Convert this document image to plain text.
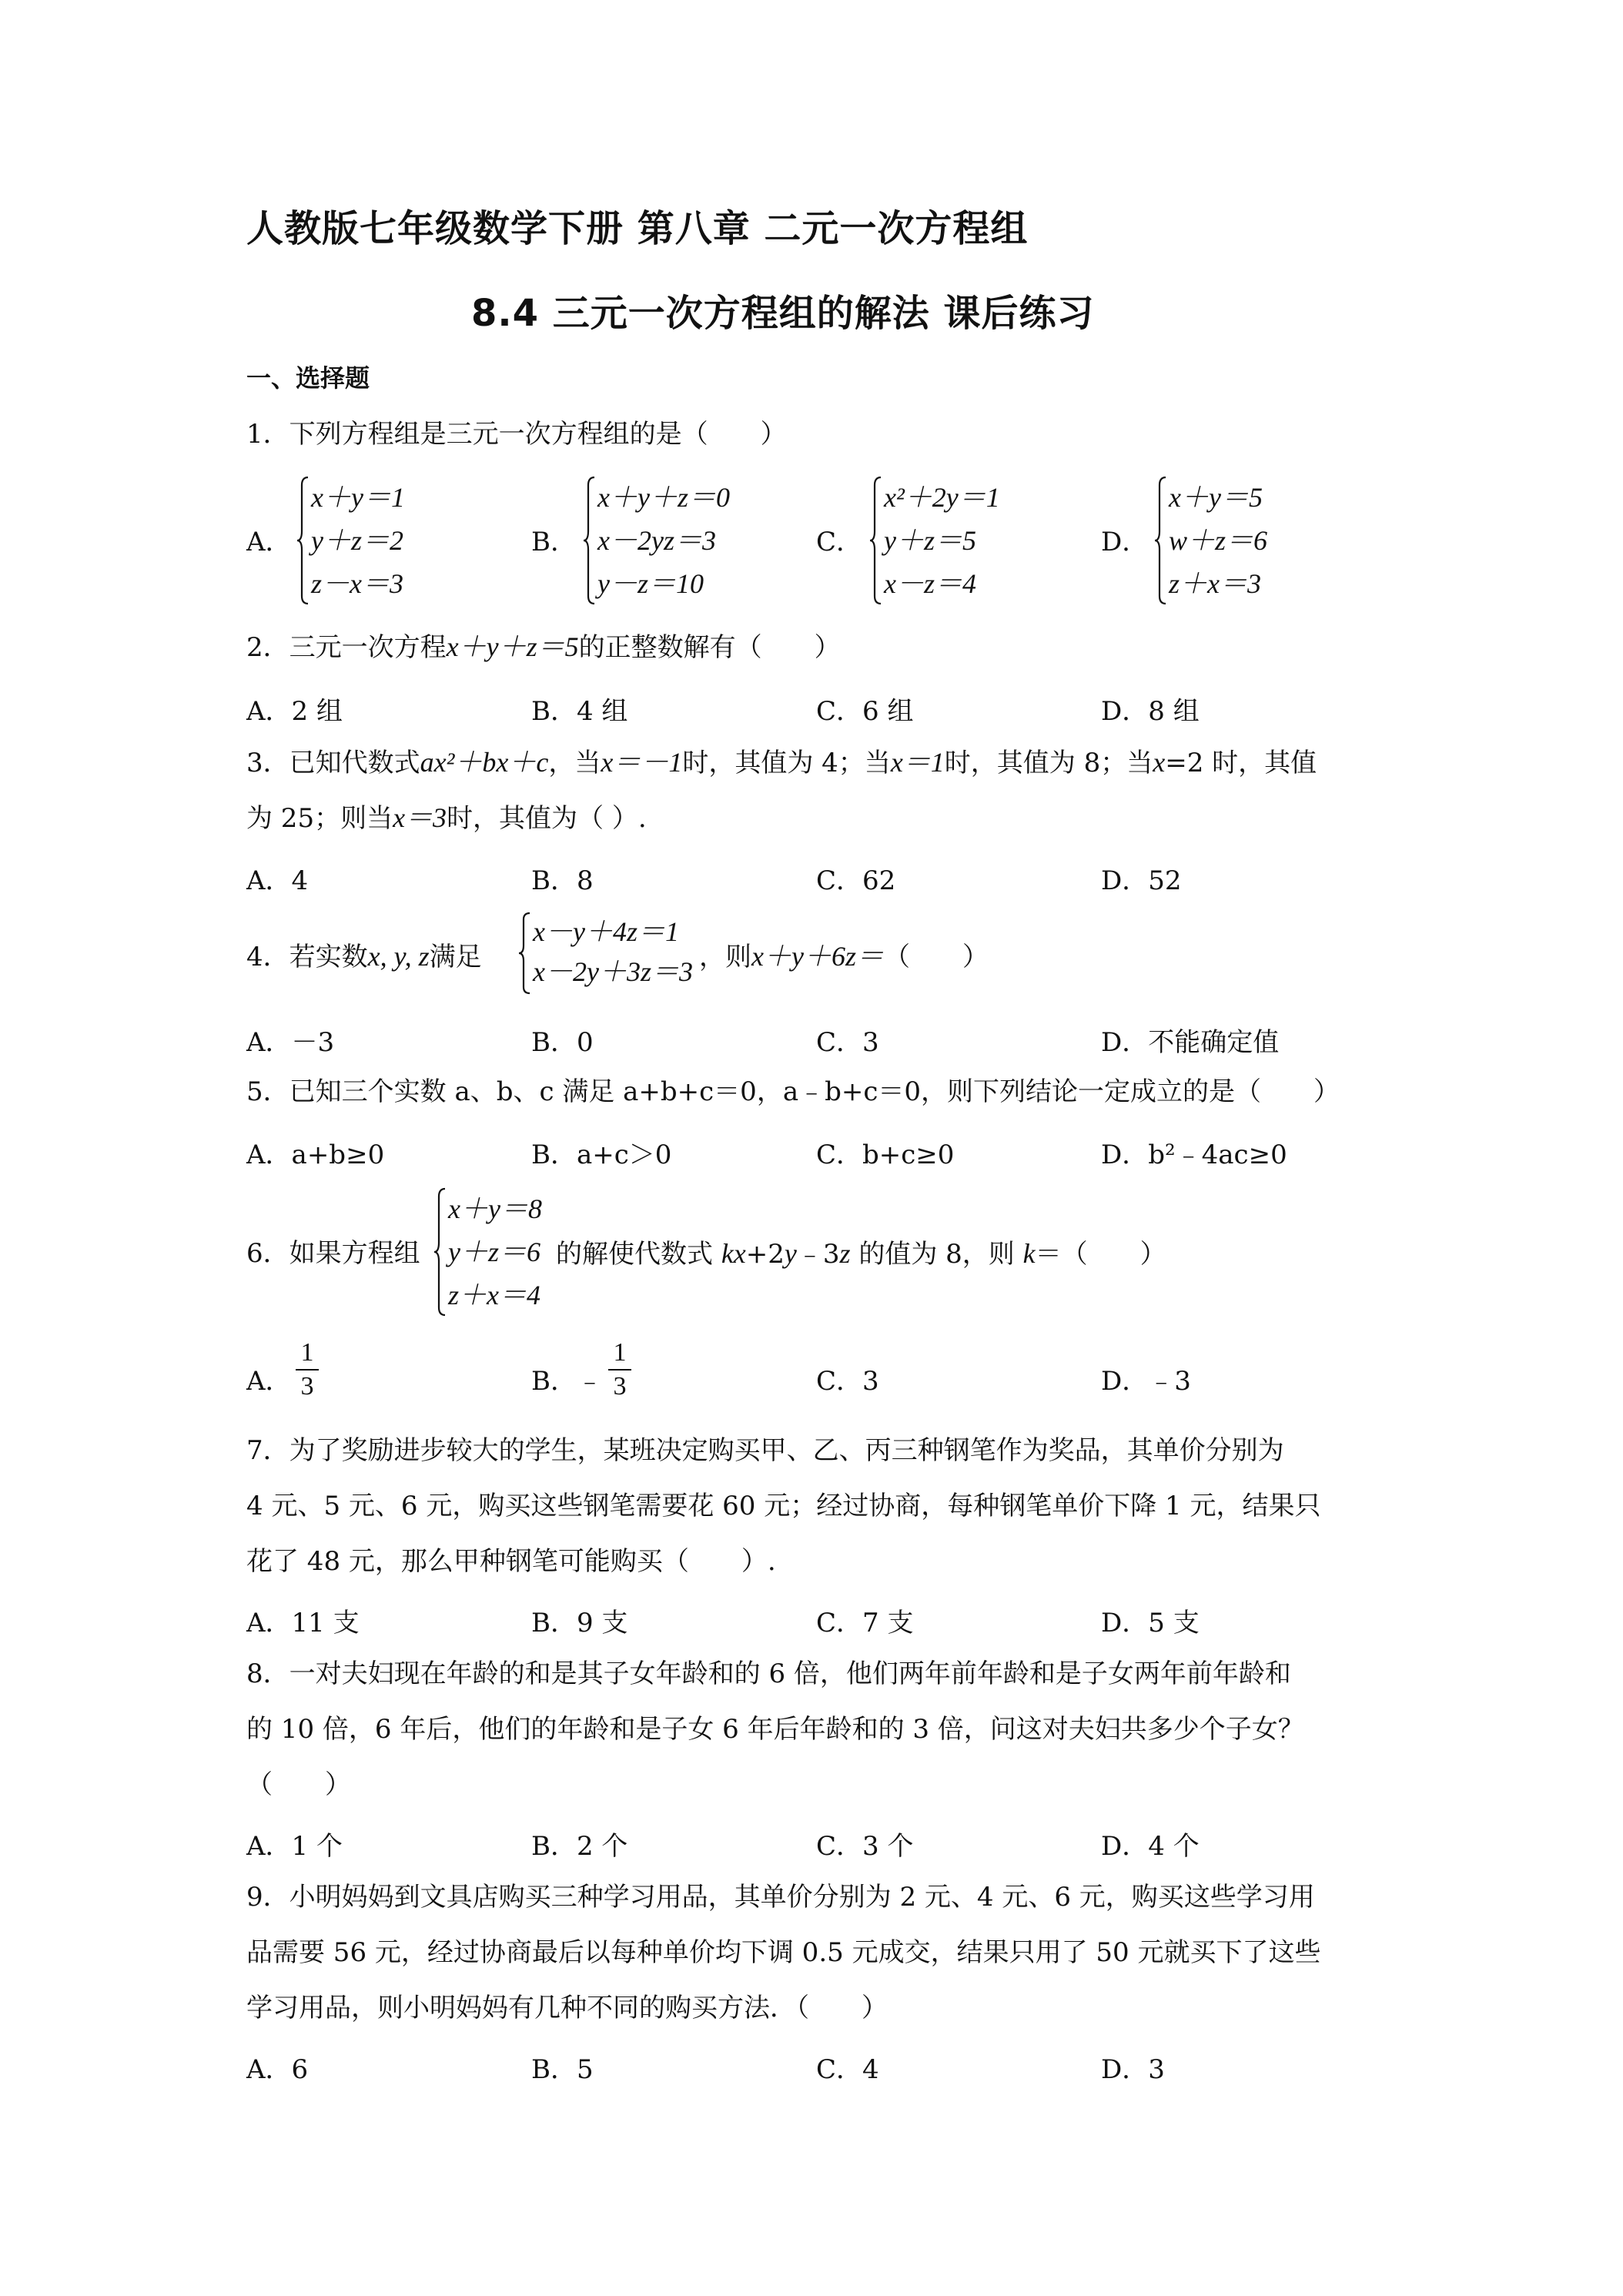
人教版七年级数学下册 第八章 二元一次方程组
8.4 三元一次方程组的解法 课后练习
一、选择题
1．下列方程组是三元一次方程组的是（　　）
A．
x＋y＝1
y＋z＝2
z－x＝3
B．
x＋y＋z＝0
x－2yz＝3
y－z＝10
C．
x²＋2y＝1
y＋z＝5
x－z＝4
D．
x＋y＝5
w＋z＝6
z＋x＝3
2．三元一次方程x＋y＋z＝5的正整数解有（　　）
A．2 组	B．4 组	C．6 组	D．8 组
3．已知代数式ax²＋bx＋c，当x＝－1时，其值为 4；当x＝1时，其值为 8；当x=2 时，其值
为 25；则当x＝3时，其值为（ ）.
A．4	B．8	C．62	D．52
4．若实数x, y, z满足
x－y＋4z＝1
x－2y＋3z＝3 ，则x＋y＋6z＝（　　）
A．－3	B．0	C．3	D．不能确定值
5．已知三个实数 a、b、c 满足 a+b+c＝0，a﹣b+c＝0，则下列结论一定成立的是（　　）
A．a+b≥0	B．a+c＞0	C．b+c≥0	D．b²﹣4ac≥0
6．如果方程组
x＋y＝8
y＋z＝6
z＋x＝4
的解使代数式 kx+2y﹣3z 的值为 8，则 k＝（　　）
A．
1
3	B．﹣
1
3	C．3	D．﹣3
7．为了奖励进步较大的学生，某班决定购买甲、乙、丙三种钢笔作为奖品，其单价分别为
4 元、5 元、6 元，购买这些钢笔需要花 60 元；经过协商，每种钢笔单价下降 1 元，结果只
花了 48 元，那么甲种钢笔可能购买（　　）.
A．11 支	B．9 支	C．7 支	D．5 支
8．一对夫妇现在年龄的和是其子女年龄和的 6 倍，他们两年前年龄和是子女两年前年龄和
的 10 倍，6 年后，他们的年龄和是子女 6 年后年龄和的 3 倍，问这对夫妇共多少个子女？
（　　）
A．1 个	B．2 个	C．3 个	D．4 个
9．小明妈妈到文具店购买三种学习用品，其单价分别为 2 元、4 元、6 元，购买这些学习用
品需要 56 元，经过协商最后以每种单价均下调 0.5 元成交，结果只用了 50 元就买下了这些
学习用品，则小明妈妈有几种不同的购买方法．（　　）
A．6	B．5	C．4	D．3
